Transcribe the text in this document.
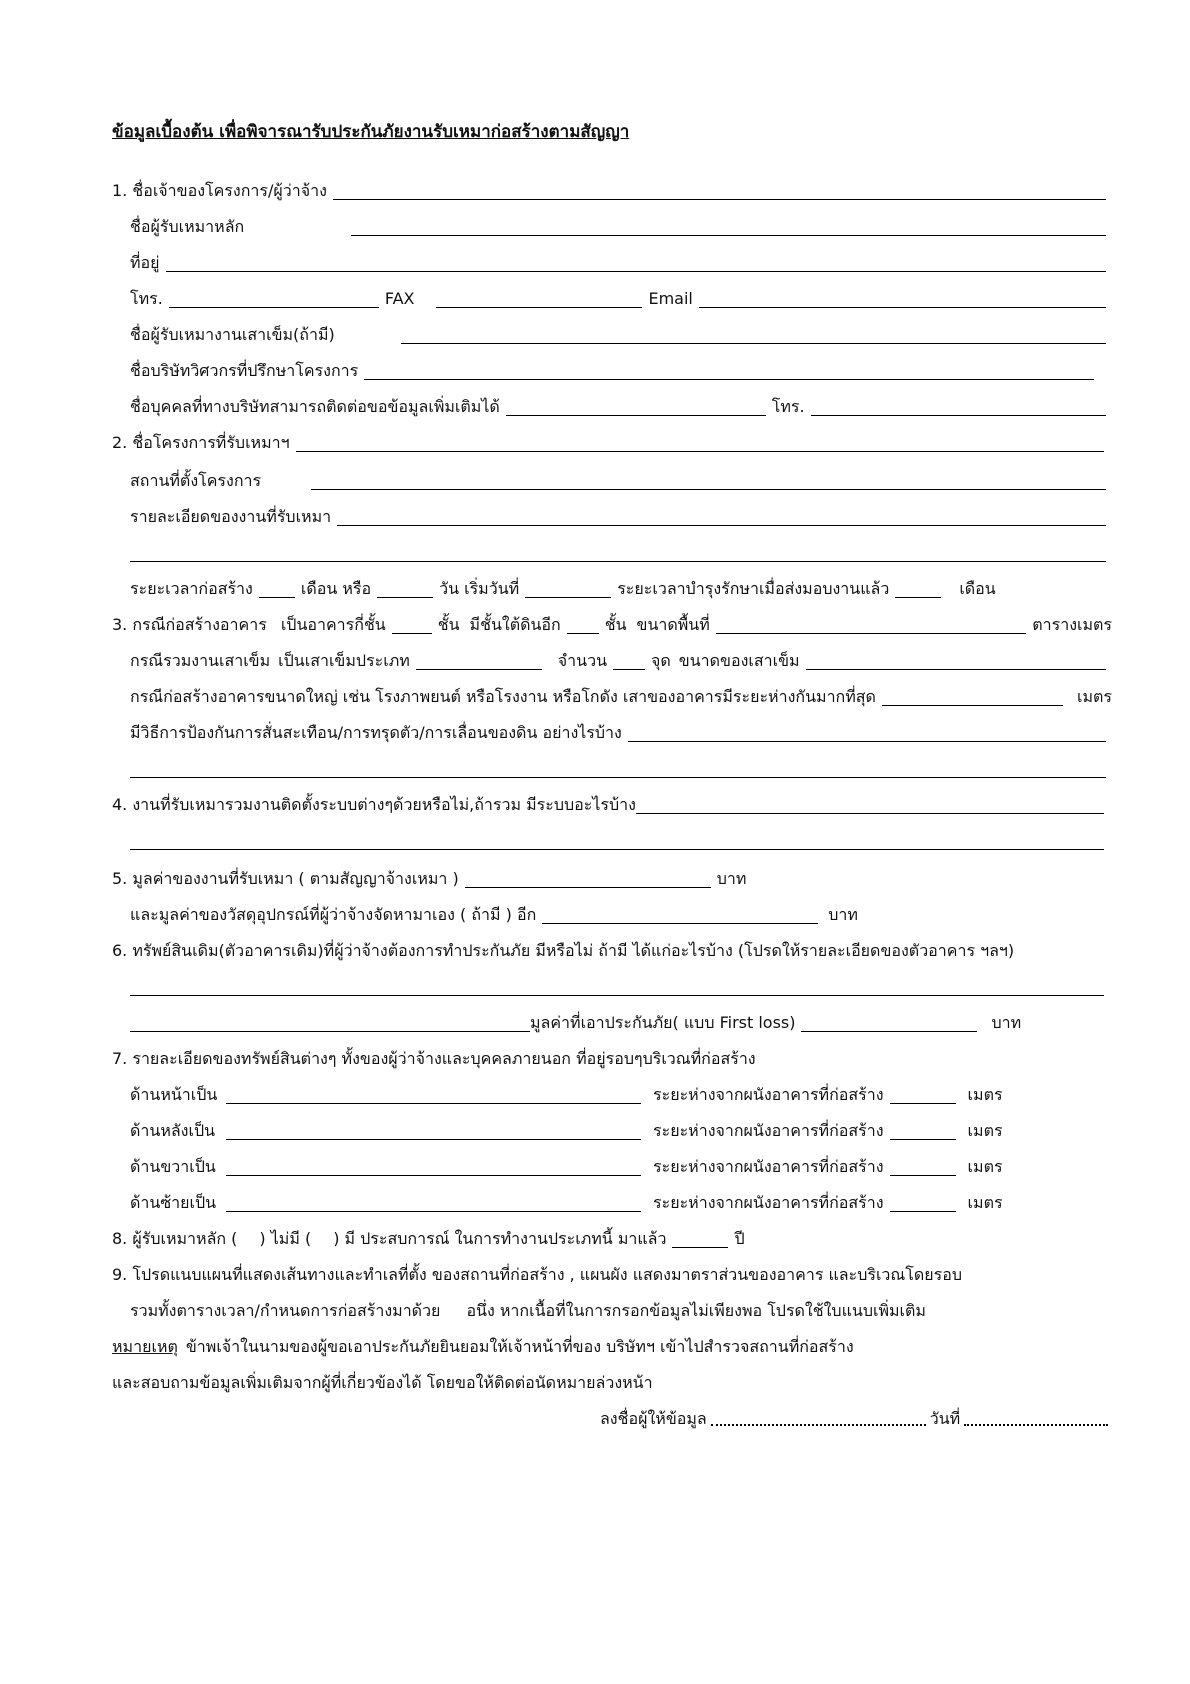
ข้อมูลเบื้องต้น เพื่อพิจารณารับประกันภัยงานรับเหมาก่อสร้างตามสัญญา
1. ชื่อเจ้าของโครงการ/ผู้ว่าจ้าง
ชื่อผู้รับเหมาหลัก
ที่อยู่
โทร.	FAX	Email
ชื่อผู้รับเหมางานเสาเข็ม(ถ้ามี)
ชื่อบริษัทวิศวกรที่ปรึกษาโครงการ
ชื่อบุคคลที่ทางบริษัทสามารถติดต่อขอข้อมูลเพิ่มเติมได้	โทร.
2. ชื่อโครงการที่รับเหมาฯ
สถานที่ตั้งโครงการ
รายละเอียดของงานที่รับเหมา
ระยะเวลาก่อสร้าง	เดือน หรือ	วัน เริ่มวันที่	ระยะเวลาบำรุงรักษาเมื่อส่งมอบงานแล้ว	เดือน
3. กรณีก่อสร้างอาคาร เป็นอาคารกี่ชั้น	ชั้น มีชั้นใต้ดินอีก	ชั้น ขนาดพื้นที่	ตารางเมตร
กรณีรวมงานเสาเข็ม เป็นเสาเข็มประเภท	จำนวน	จุด ขนาดของเสาเข็ม
กรณีก่อสร้างอาคารขนาดใหญ่ เช่น โรงภาพยนต์ หรือโรงงาน หรือโกดัง เสาของอาคารมีระยะห่างกันมากที่สุด	เมตร
มีวิธีการป้องกันการสั่นสะเทือน/การทรุดตัว/การเลื่อนของดิน อย่างไรบ้าง
4. งานที่รับเหมารวมงานติดตั้งระบบต่างๆด้วยหรือไม่,ถ้ารวม มีระบบอะไรบ้าง
5. มูลค่าของงานที่รับเหมา ( ตามสัญญาจ้างเหมา )	บาท
และมูลค่าของวัสดุอุปกรณ์ที่ผู้ว่าจ้างจัดหามาเอง ( ถ้ามี ) อีก	บาท
6. ทรัพย์สินเดิม(ตัวอาคารเดิม)ที่ผู้ว่าจ้างต้องการทำประกันภัย มีหรือไม่ ถ้ามี ได้แก่อะไรบ้าง (โปรดให้รายละเอียดของตัวอาคาร ฯลฯ)
มูลค่าที่เอาประกันภัย( แบบ First loss)	บาท
7. รายละเอียดของทรัพย์สินต่างๆ ทั้งของผู้ว่าจ้างและบุคคลภายนอก ที่อยู่รอบๆบริเวณที่ก่อสร้าง
ด้านหน้าเป็น	ระยะห่างจากผนังอาคารที่ก่อสร้าง	เมตร
ด้านหลังเป็น	ระยะห่างจากผนังอาคารที่ก่อสร้าง	เมตร
ด้านขวาเป็น	ระยะห่างจากผนังอาคารที่ก่อสร้าง	เมตร
ด้านซ้ายเป็น	ระยะห่างจากผนังอาคารที่ก่อสร้าง	เมตร
8. ผู้รับเหมาหลัก ( ) ไม่มี ( ) มี ประสบการณ์ ในการทำงานประเภทนี้ มาแล้ว	ปี
9. โปรดแนบแผนที่แสดงเส้นทางและทำเลที่ตั้ง ของสถานที่ก่อสร้าง , แผนผัง แสดงมาตราส่วนของอาคาร และบริเวณโดยรอบ
รวมทั้งตารางเวลา/กำหนดการก่อสร้างมาด้วย อนึ่ง หากเนื้อที่ในการกรอกข้อมูลไม่เพียงพอ โปรดใช้ใบแนบเพิ่มเติม
หมายเหตุ ข้าพเจ้าในนามของผู้ขอเอาประกันภัยยินยอมให้เจ้าหน้าที่ของ บริษัทฯ เข้าไปสำรวจสถานที่ก่อสร้าง
และสอบถามข้อมูลเพิ่มเติมจากผู้ที่เกี่ยวข้องได้ โดยขอให้ติดต่อนัดหมายล่วงหน้า
ลงชื่อผู้ให้ข้อมูล	วันที่
